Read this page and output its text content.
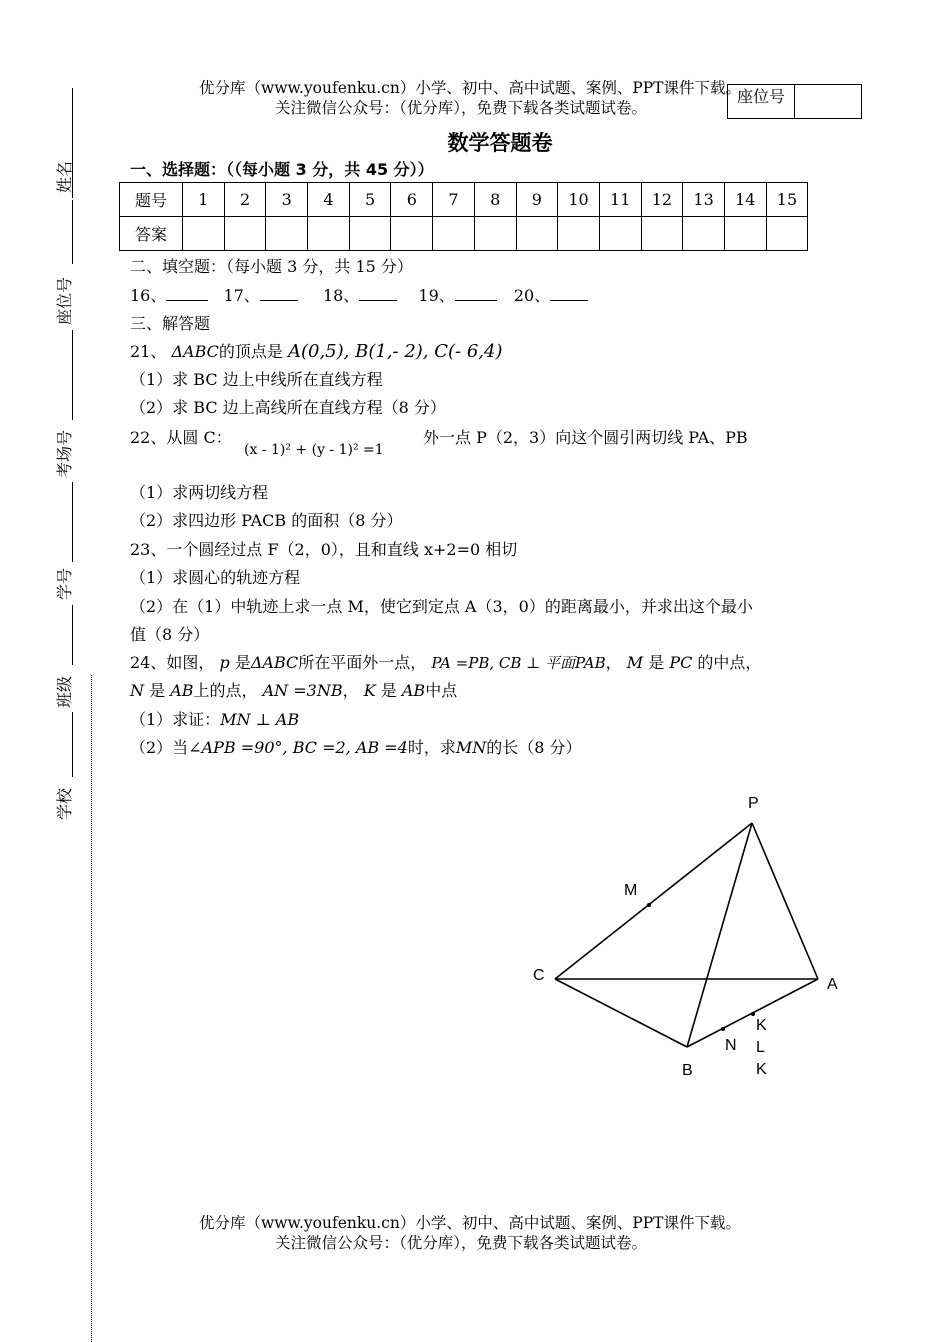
优分库（www.youfenku.cn）小学、初中、高中试题、案例、PPT课件下载。
关注微信公众号：（优分库），免费下载各类试题试卷。
座位号
数学答题卷
一、选择题：（（每小题 3 分，共 45 分））
题号	1	2	3	4	5	6	7	8	9	10	11	12	13	14	15
答案															
二、填空题：（每小题 3 分，共 15 分）
16、	17、	18、	19、	20、
三、解答题
21、 ΔABC的顶点是 A(0,5), B(1,- 2), C(- 6,4)
（1）求 BC 边上中线所在直线方程
（2）求 BC 边上高线所在直线方程（8 分）
22、从圆 C：
(x - 1)² + (y - 1)² =1
外一点 P（2，3）向这个圆引两切线 PA、PB
（1）求两切线方程
（2）求四边形 PACB 的面积（8 分）
23、一个圆经过点 F（2，0），且和直线 x+2=0 相切
（1）求圆心的轨迹方程
（2）在（1）中轨迹上求一点 M，使它到定点 A（3，0）的距离最小，并求出这个最小
值（8 分）
24、如图， p 是ΔABC所在平面外一点， PA =PB, CB ⊥ 平面PAB， M 是 PC 的中点，
N 是 AB上的点， AN =3NB， K 是 AB中点
（1）求证：MN ⊥ AB
（2）当∠APB =90°, BC =2, AB =4时，求MN的长（8 分）
P
M
C
A
K
N L
K
B
姓名
座位号
考场号
学号
班级
学校
优分库（www.youfenku.cn）小学、初中、高中试题、案例、PPT课件下载。
关注微信公众号：（优分库），免费下载各类试题试卷。
